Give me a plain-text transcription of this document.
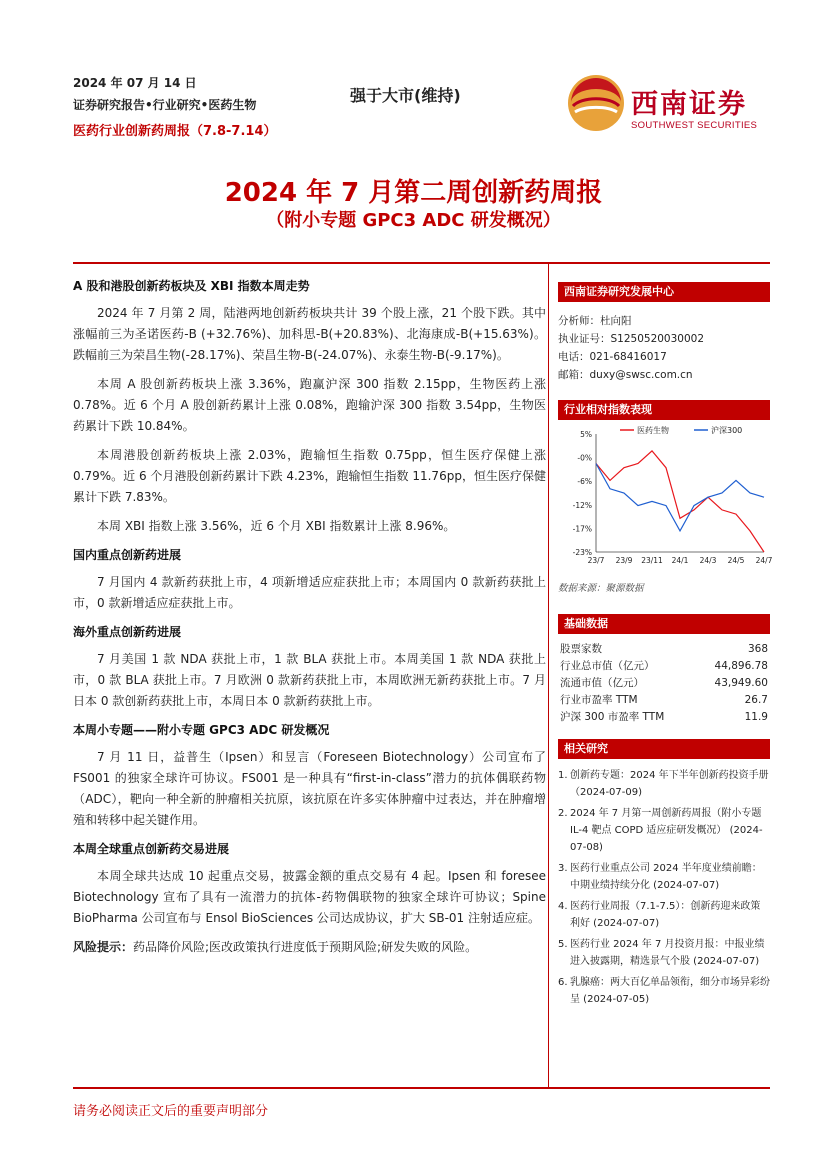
2024 年 07 月 14 日
证券研究报告•行业研究•医药生物
医药行业创新药周报（7.8-7.14）
强于大市(维持)	西南证券
SOUTHWEST SECURITIES
2024 年 7 月第二周创新药周报
（附小专题 GPC3 ADC 研发概况）
A 股和港股创新药板块及 XBI 指数本周走势

2024 年 7 月第 2 周，陆港两地创新药板块共计 39 个股上涨，21 个股下跌。其中涨幅前三为圣诺医药-B (+32.76%)、加科思-B(+20.83%)、北海康成-B(+15.63%)。跌幅前三为荣昌生物(-28.17%)、荣昌生物-B(-24.07%)、永泰生物-B(-9.17%)。

本周 A 股创新药板块上涨 3.36%，跑赢沪深 300 指数 2.15pp，生物医药上涨 0.78%。近 6 个月 A 股创新药累计上涨 0.08%，跑输沪深 300 指数 3.54pp，生物医药累计下跌 10.84%。

本周港股创新药板块上涨 2.03%，跑输恒生指数 0.75pp，恒生医疗保健上涨 0.79%。近 6 个月港股创新药累计下跌 4.23%，跑输恒生指数 11.76pp，恒生医疗保健累计下跌 7.83%。

本周 XBI 指数上涨 3.56%，近 6 个月 XBI 指数累计上涨 8.96%。

国内重点创新药进展

7 月国内 4 款新药获批上市，4 项新增适应症获批上市；本周国内 0 款新药获批上市，0 款新增适应症获批上市。

海外重点创新药进展

7 月美国 1 款 NDA 获批上市，1 款 BLA 获批上市。本周美国 1 款 NDA 获批上市，0 款 BLA 获批上市。7 月欧洲 0 款新药获批上市，本周欧洲无新药获批上市。7 月日本 0 款创新药获批上市，本周日本 0 款新药获批上市。

本周小专题——附小专题 GPC3 ADC 研发概况

7 月 11 日，益普生（Ipsen）和昱言（Foreseen Biotechnology）公司宣布了 FS001 的独家全球许可协议。FS001 是一种具有“first-in-class”潜力的抗体偶联药物（ADC），靶向一种全新的肿瘤相关抗原，该抗原在许多实体肿瘤中过表达，并在肿瘤增殖和转移中起关键作用。

本周全球重点创新药交易进展

本周全球共达成 10 起重点交易，披露金额的重点交易有 4 起。Ipsen 和 foresee Biotechnology 宣布了具有一流潜力的抗体-药物偶联物的独家全球许可协议；Spine BioPharma 公司宣布与 Ensol BioSciences 公司达成协议，扩大 SB-01 注射适应症。

风险提示：药品降价风险;医改政策执行进度低于预期风险;研发失败的风险。

西南证券研究发展中心
分析师：杜向阳
执业证号：S1250520030002
电话：021-68416017
邮箱：duxy@swsc.com.cn
行业相对指数表现
5%
-0%
-6%
-12%
-17%
-23%
23/7 23/9 23/11 24/1 24/3 24/5 24/7
医药生物	沪深300
数据来源：聚源数据
基础数据
股票家数	368
行业总市值（亿元）	44,896.78
流通市值（亿元）	43,949.60
行业市盈率 TTM	26.7
沪深 300 市盈率 TTM	11.9
相关研究
1. 创新药专题：2024 年下半年创新药投资手册 （2024-07-09)
2. 2024 年 7 月第一周创新药周报（附小专题 IL-4 靶点 COPD 适应症研发概况） (2024-07-08)
3. 医药行业重点公司 2024 半年度业绩前瞻：中期业绩持续分化 (2024-07-07)
4. 医药行业周报（7.1-7.5）：创新药迎来政策利好 (2024-07-07)
5. 医药行业 2024 年 7 月投资月报：中报业绩进入披露期，精选景气个股 (2024-07-07)
6. 乳腺癌：两大百亿单品领衔，细分市场异彩纷呈 (2024-07-05)
请务必阅读正文后的重要声明部分
